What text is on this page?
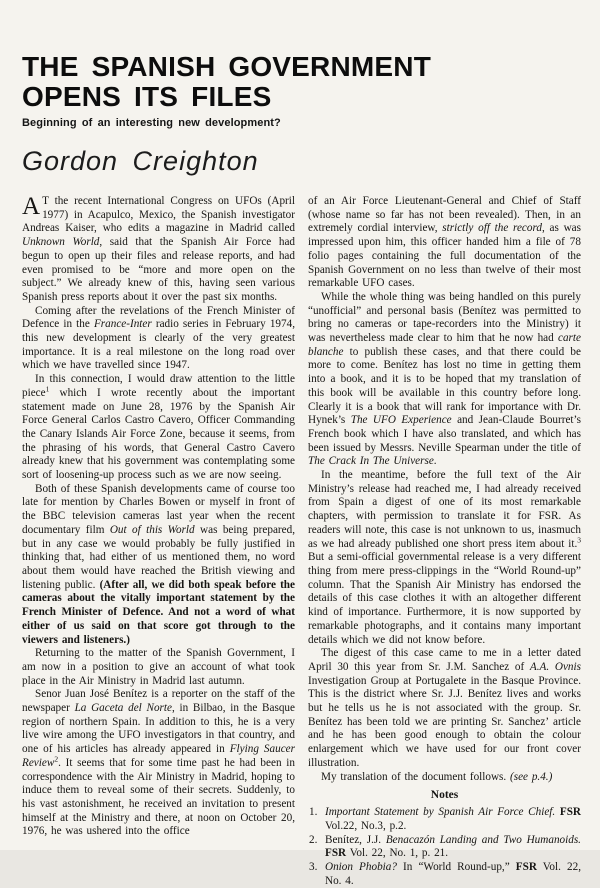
THE SPANISH GOVERNMENT
OPENS ITS FILES
Beginning of an interesting new development?
Gordon Creighton

A T the recent International Congress on UFOs (April 1977) in Acapulco, Mexico, the Spanish investigator Andreas Kaiser, who edits a magazine in Madrid called Unknown World, said that the Spanish Air Force had begun to open up their files and release reports, and had even promised to be “more and more open on the subject.” We already knew of this, having seen various Spanish press reports about it over the past six months.

Coming after the revelations of the French Minister of Defence in the France-Inter radio series in February 1974, this new development is clearly of the very greatest importance. It is a real milestone on the long road over which we have travelled since 1947.

In this connection, I would draw attention to the little piece$^1$ which I wrote recently about the important statement made on June 28, 1976 by the Spanish Air Force General Carlos Castro Cavero, Officer Commanding the Canary Islands Air Force Zone, because it seems, from the phrasing of his words, that General Castro Cavero already knew that his government was contemplating some sort of loosening-up process such as we are now seeing.

Both of these Spanish developments came of course too late for mention by Charles Bowen or myself in front of the BBC television cameras last year when the recent documentary film Out of this World was being prepared, but in any case we would probably be fully justified in thinking that, had either of us mentioned them, no word about them would have reached the British viewing and listening public. (After all, we did both speak before the cameras about the vitally important statement by the French Minister of Defence. And not a word of what either of us said on that score got through to the viewers and listeners.)

Returning to the matter of the Spanish Government, I am now in a position to give an account of what took place in the Air Ministry in Madrid last autumn.

Senor Juan José Benítez is a reporter on the staff of the newspaper La Gaceta del Norte, in Bilbao, in the Basque region of northern Spain. In addition to this, he is a very live wire among the UFO investigators in that country, and one of his articles has already appeared in Flying Saucer Review$^2$. It seems that for some time past he had been in correspondence with the Air Ministry in Madrid, hoping to induce them to reveal some of their secrets. Suddenly, to his vast astonishment, he received an invitation to present himself at the Ministry and there, at noon on October 20, 1976, he was ushered into the office

of an Air Force Lieutenant-General and Chief of Staff (whose name so far has not been revealed). Then, in an extremely cordial interview, strictly off the record, as was impressed upon him, this officer handed him a file of 78 folio pages containing the full documentation of the Spanish Government on no less than twelve of their most remarkable UFO cases.

While the whole thing was being handled on this purely “unofficial” and personal basis (Benítez was permitted to bring no cameras or tape-recorders into the Ministry) it was nevertheless made clear to him that he now had carte blanche to publish these cases, and that there could be more to come. Benítez has lost no time in getting them into a book, and it is to be hoped that my translation of this book will be available in this country before long. Clearly it is a book that will rank for importance with Dr. Hynek’s The UFO Experience and Jean-Claude Bourret’s French book which I have also translated, and which has been issued by Messrs. Neville Spearman under the title of The Crack In The Universe.

In the meantime, before the full text of the Air Ministry’s release had reached me, I had already received from Spain a digest of one of its most remarkable chapters, with permission to translate it for FSR. As readers will note, this case is not unknown to us, inasmuch as we had already published one short press item about it.$^3$ But a semi-official governmental release is a very different thing from mere press-clippings in the “World Round-up” column. That the Spanish Air Ministry has endorsed the details of this case clothes it with an altogether different kind of importance. Furthermore, it is now supported by remarkable photographs, and it contains many important details which we did not know before.

The digest of this case came to me in a letter dated April 30 this year from Sr. J.M. Sanchez of A.A. Ovnis Investigation Group at Portugalete in the Basque Province. This is the district where Sr. J.J. Benítez lives and works but he tells us he is not associated with the group. Sr. Benítez has been told we are printing Sr. Sanchez’ article and he has been good enough to obtain the colour enlargement which we have used for our front cover illustration.

My translation of the document follows. (see p.4.)

Notes
1. Important Statement by Spanish Air Force Chief. FSR Vol.22, No.3, p.2.
2. Benítez, J.J. Benacazón Landing and Two Humanoids. FSR Vol. 22, No. 1, p. 21.
3. Onion Phobia? In “World Round-up,” FSR Vol. 22, No. 4.
